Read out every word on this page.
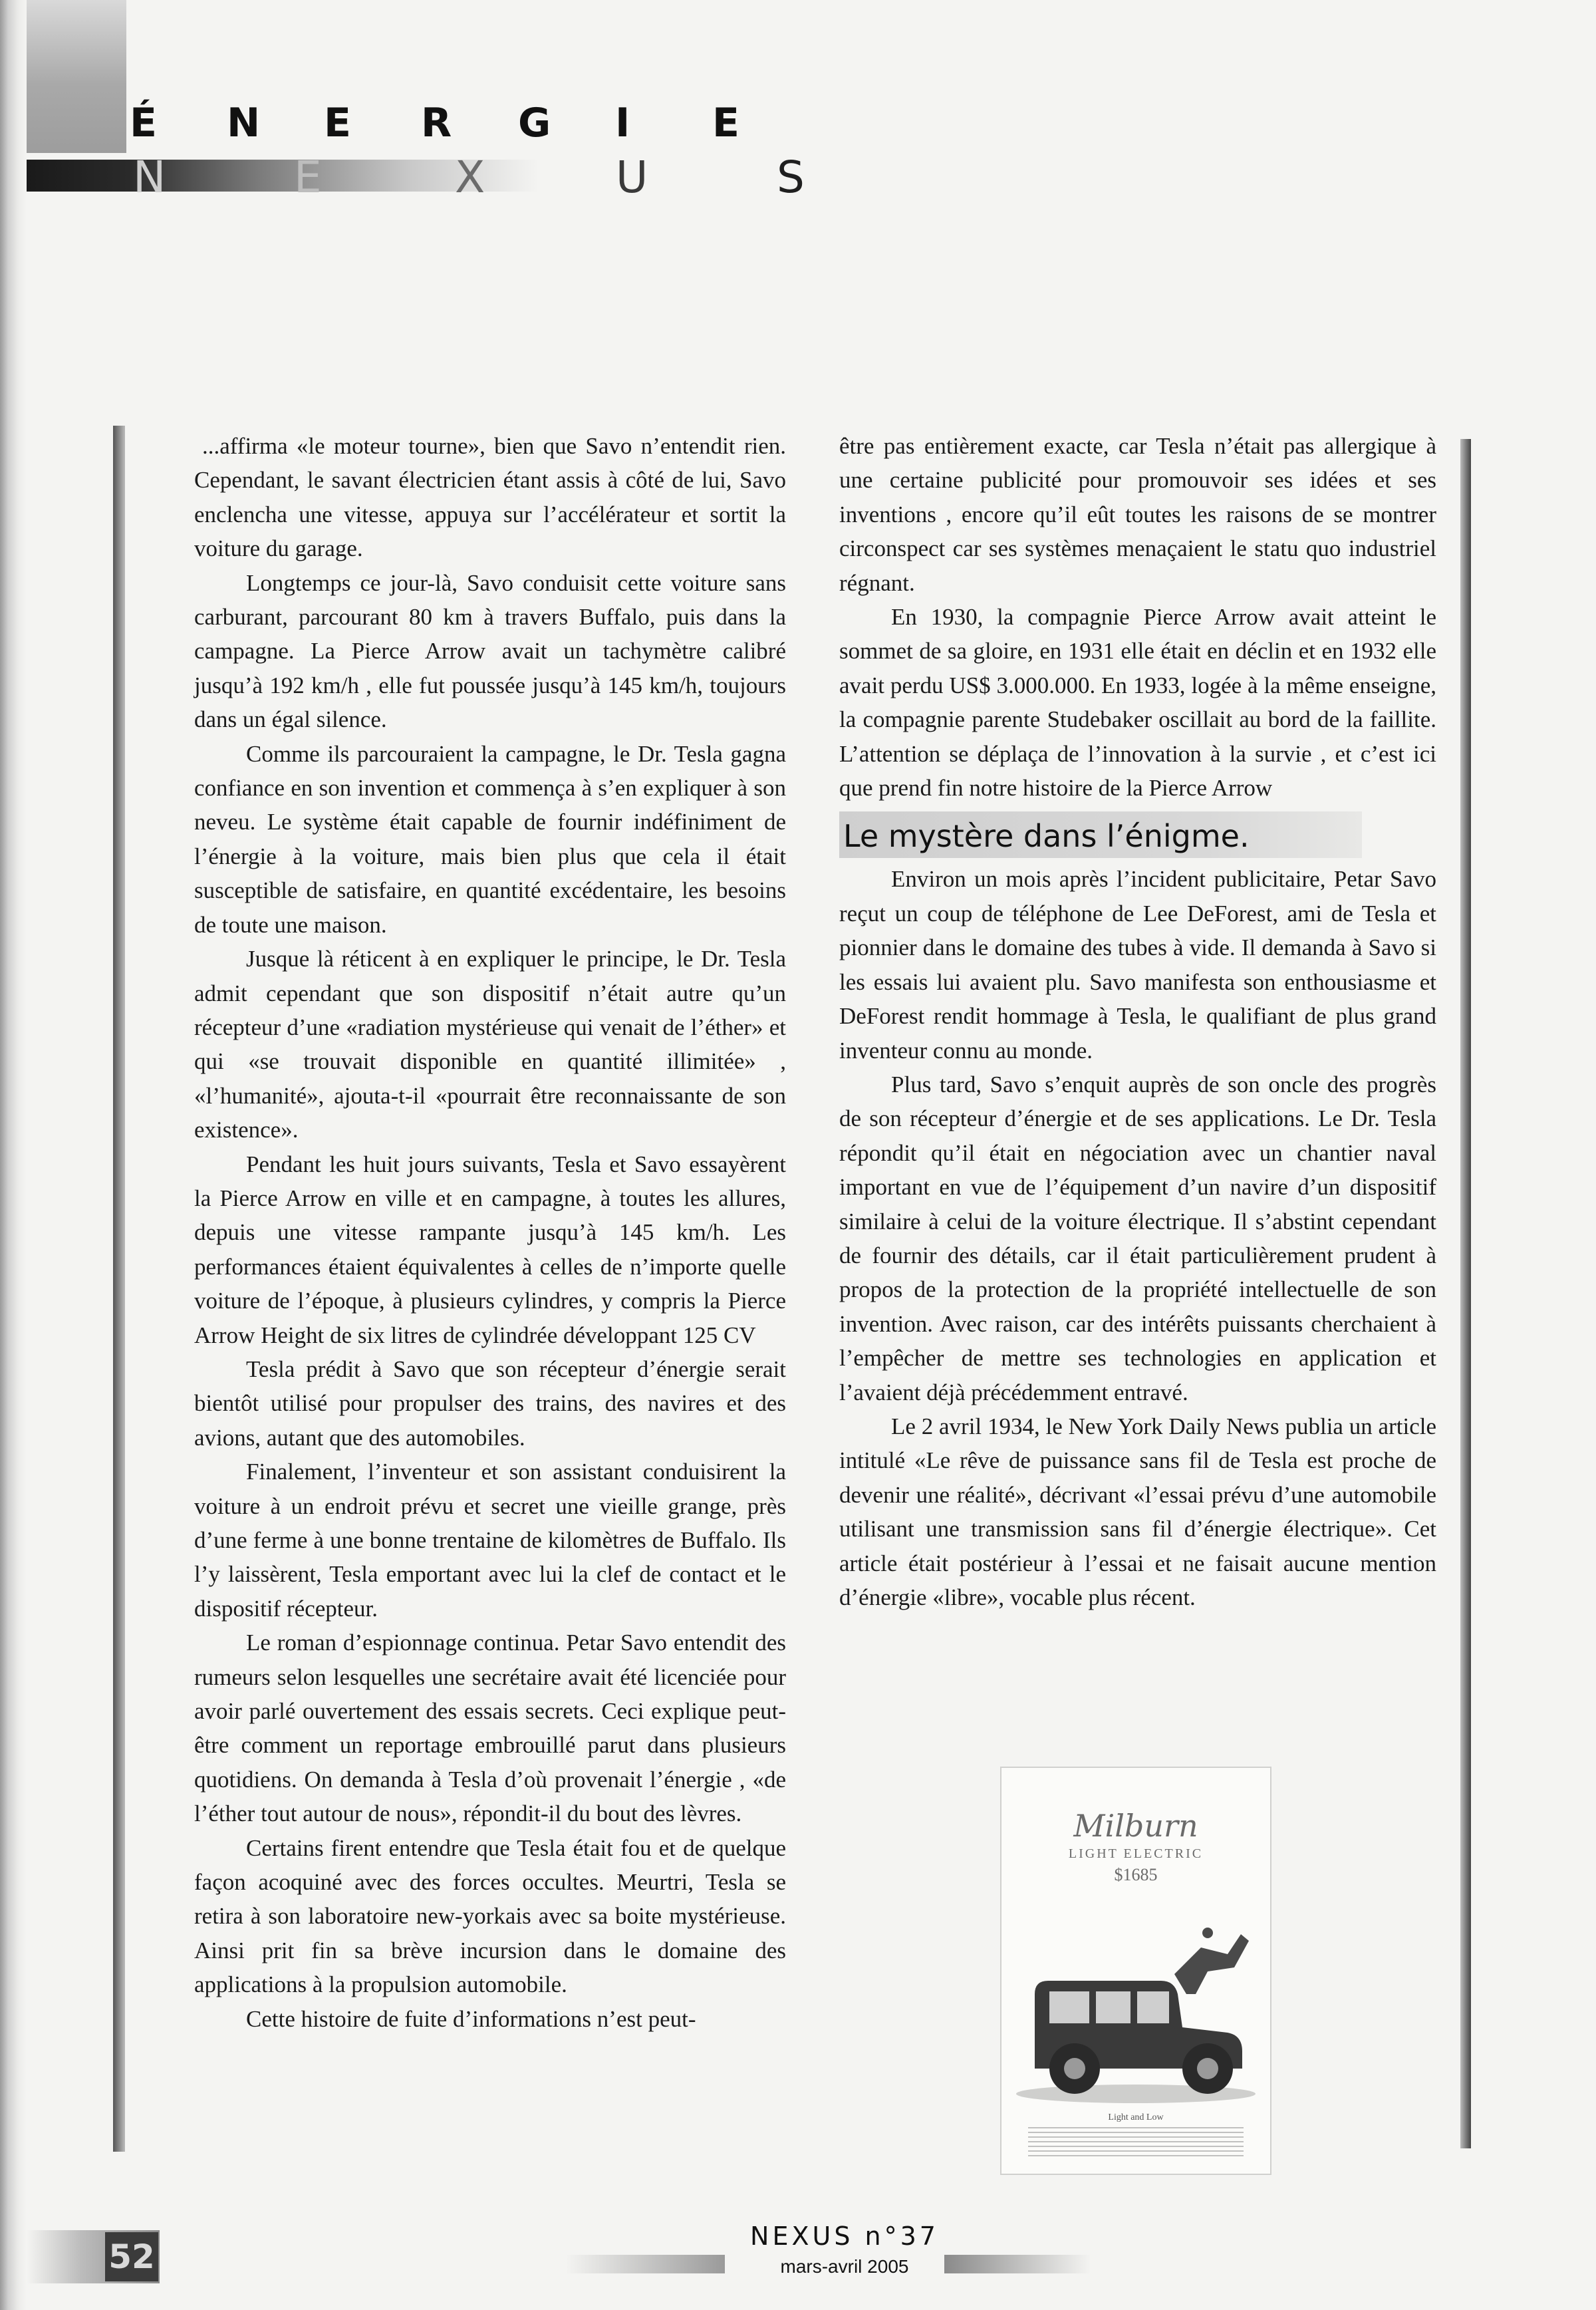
É	N	E	R	G	I	E
N	E	X	U	S

...affirma «le moteur tourne», bien que Savo n’entendit rien. Cependant, le savant électricien étant assis à côté de lui, Savo enclencha une vitesse, appuya sur l’accélérateur et sortit la voiture du garage.

Longtemps ce jour-là, Savo conduisit cette voiture sans carburant, parcourant 80 km à travers Buffalo, puis dans la campagne. La Pierce Arrow avait un tachymètre calibré jusqu’à 192 km/h , elle fut poussée jusqu’à 145 km/h, toujours dans un égal silence.

Comme ils parcouraient la campagne, le Dr. Tesla gagna confiance en son invention et commença à s’en expliquer à son neveu. Le système était capable de fournir indéfiniment de l’énergie à la voiture, mais bien plus que cela il était susceptible de satisfaire, en quantité excédentaire, les besoins de toute une maison.

Jusque là réticent à en expliquer le principe, le Dr. Tesla admit cependant que son dispositif n’était autre qu’un récepteur d’une «radiation mystérieuse qui venait de l’éther» et qui «se trouvait disponible en quantité illimitée» , «l’humanité», ajouta-t-il «pourrait être reconnaissante de son existence».

Pendant les huit jours suivants, Tesla et Savo essayèrent la Pierce Arrow en ville et en campagne, à toutes les allures, depuis une vitesse rampante jusqu’à 145 km/h. Les performances étaient équivalentes à celles de n’importe quelle voiture de l’époque, à plusieurs cylindres, y compris la Pierce Arrow Height de six litres de cylindrée développant 125 CV

Tesla prédit à Savo que son récepteur d’énergie serait bientôt utilisé pour propulser des trains, des navires et des avions, autant que des automobiles.

Finalement, l’inventeur et son assistant conduisirent la voiture à un endroit prévu et secret une vieille grange, près d’une ferme à une bonne trentaine de kilomètres de Buffalo. Ils l’y laissèrent, Tesla emportant avec lui la clef de contact et le dispositif récepteur.

Le roman d’espionnage continua. Petar Savo entendit des rumeurs selon lesquelles une secrétaire avait été licenciée pour avoir parlé ouvertement des essais secrets. Ceci explique peut-être comment un reportage embrouillé parut dans plusieurs quotidiens. On demanda à Tesla d’où provenait l’énergie , «de l’éther tout autour de nous», répondit-il du bout des lèvres.

Certains firent entendre que Tesla était fou et de quelque façon acoquiné avec des forces occultes. Meurtri, Tesla se retira à son laboratoire new-yorkais avec sa boite mystérieuse. Ainsi prit fin sa brève incursion dans le domaine des applications à la propulsion automobile.

Cette histoire de fuite d’informations n’est peut-

être pas entièrement exacte, car Tesla n’était pas allergique à une certaine publicité pour promouvoir ses idées et ses inventions , encore qu’il eût toutes les raisons de se montrer circonspect car ses systèmes menaçaient le statu quo industriel régnant.

En 1930, la compagnie Pierce Arrow avait atteint le sommet de sa gloire, en 1931 elle était en déclin et en 1932 elle avait perdu US$ 3.000.000. En 1933, logée à la même enseigne, la compagnie parente Studebaker oscillait au bord de la faillite. L’attention se déplaça de l’innovation à la survie , et c’est ici que prend fin notre histoire de la Pierce Arrow

Le mystère dans l’énigme.

Environ un mois après l’incident publicitaire, Petar Savo reçut un coup de téléphone de Lee DeForest, ami de Tesla et pionnier dans le domaine des tubes à vide. Il demanda à Savo si les essais lui avaient plu. Savo manifesta son enthousiasme et DeForest rendit hommage à Tesla, le qualifiant de plus grand inventeur connu au monde.

Plus tard, Savo s’enquit auprès de son oncle des progrès de son récepteur d’énergie et de ses applications. Le Dr. Tesla répondit qu’il était en négociation avec un chantier naval important en vue de l’équipement d’un navire d’un dispositif similaire à celui de la voiture électrique. Il s’abstint cependant de fournir des détails, car il était particulièrement prudent à propos de la protection de la propriété intellectuelle de son invention. Avec raison, car des intérêts puissants cherchaient à l’empêcher de mettre ses technologies en application et l’avaient déjà précédemment entravé.

Le 2 avril 1934, le New York Daily News publia un article intitulé «Le rêve de puissance sans fil de Tesla est proche de devenir une réalité», décrivant «l’essai prévu d’une automobile utilisant une transmission sans fil d’énergie électrique». Cet article était postérieur à l’essai et ne faisait aucune mention d’énergie «libre», vocable plus récent.

Milburn
LIGHT ELECTRIC
$1685
Light and Low
52
NEXUS n°37
mars-avril 2005
